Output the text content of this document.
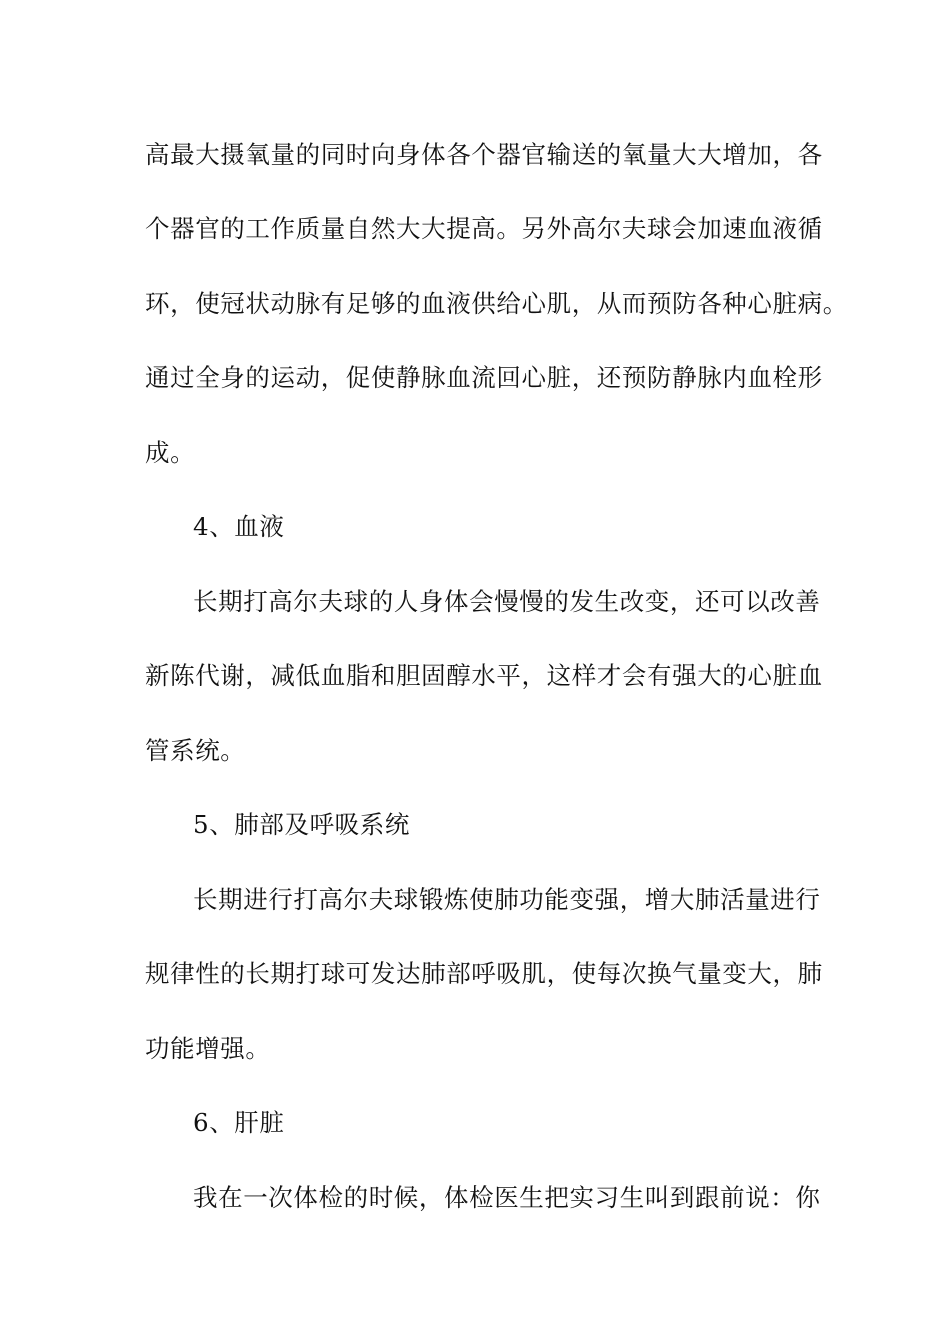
高最大摄氧量的同时向身体各个器官输送的氧量大大增加，各
个器官的工作质量自然大大提高。另外高尔夫球会加速血液循
环，使冠状动脉有足够的血液供给心肌，从而预防各种心脏病。
通过全身的运动，促使静脉血流回心脏，还预防静脉内血栓形
成。
4、血液
长期打高尔夫球的人身体会慢慢的发生改变，还可以改善
新陈代谢，减低血脂和胆固醇水平，这样才会有强大的心脏血
管系统。
5、肺部及呼吸系统
长期进行打高尔夫球锻炼使肺功能变强，增大肺活量进行
规律性的长期打球可发达肺部呼吸肌，使每次换气量变大，肺
功能增强。
6、肝脏
我在一次体检的时候，体检医生把实习生叫到跟前说：你
